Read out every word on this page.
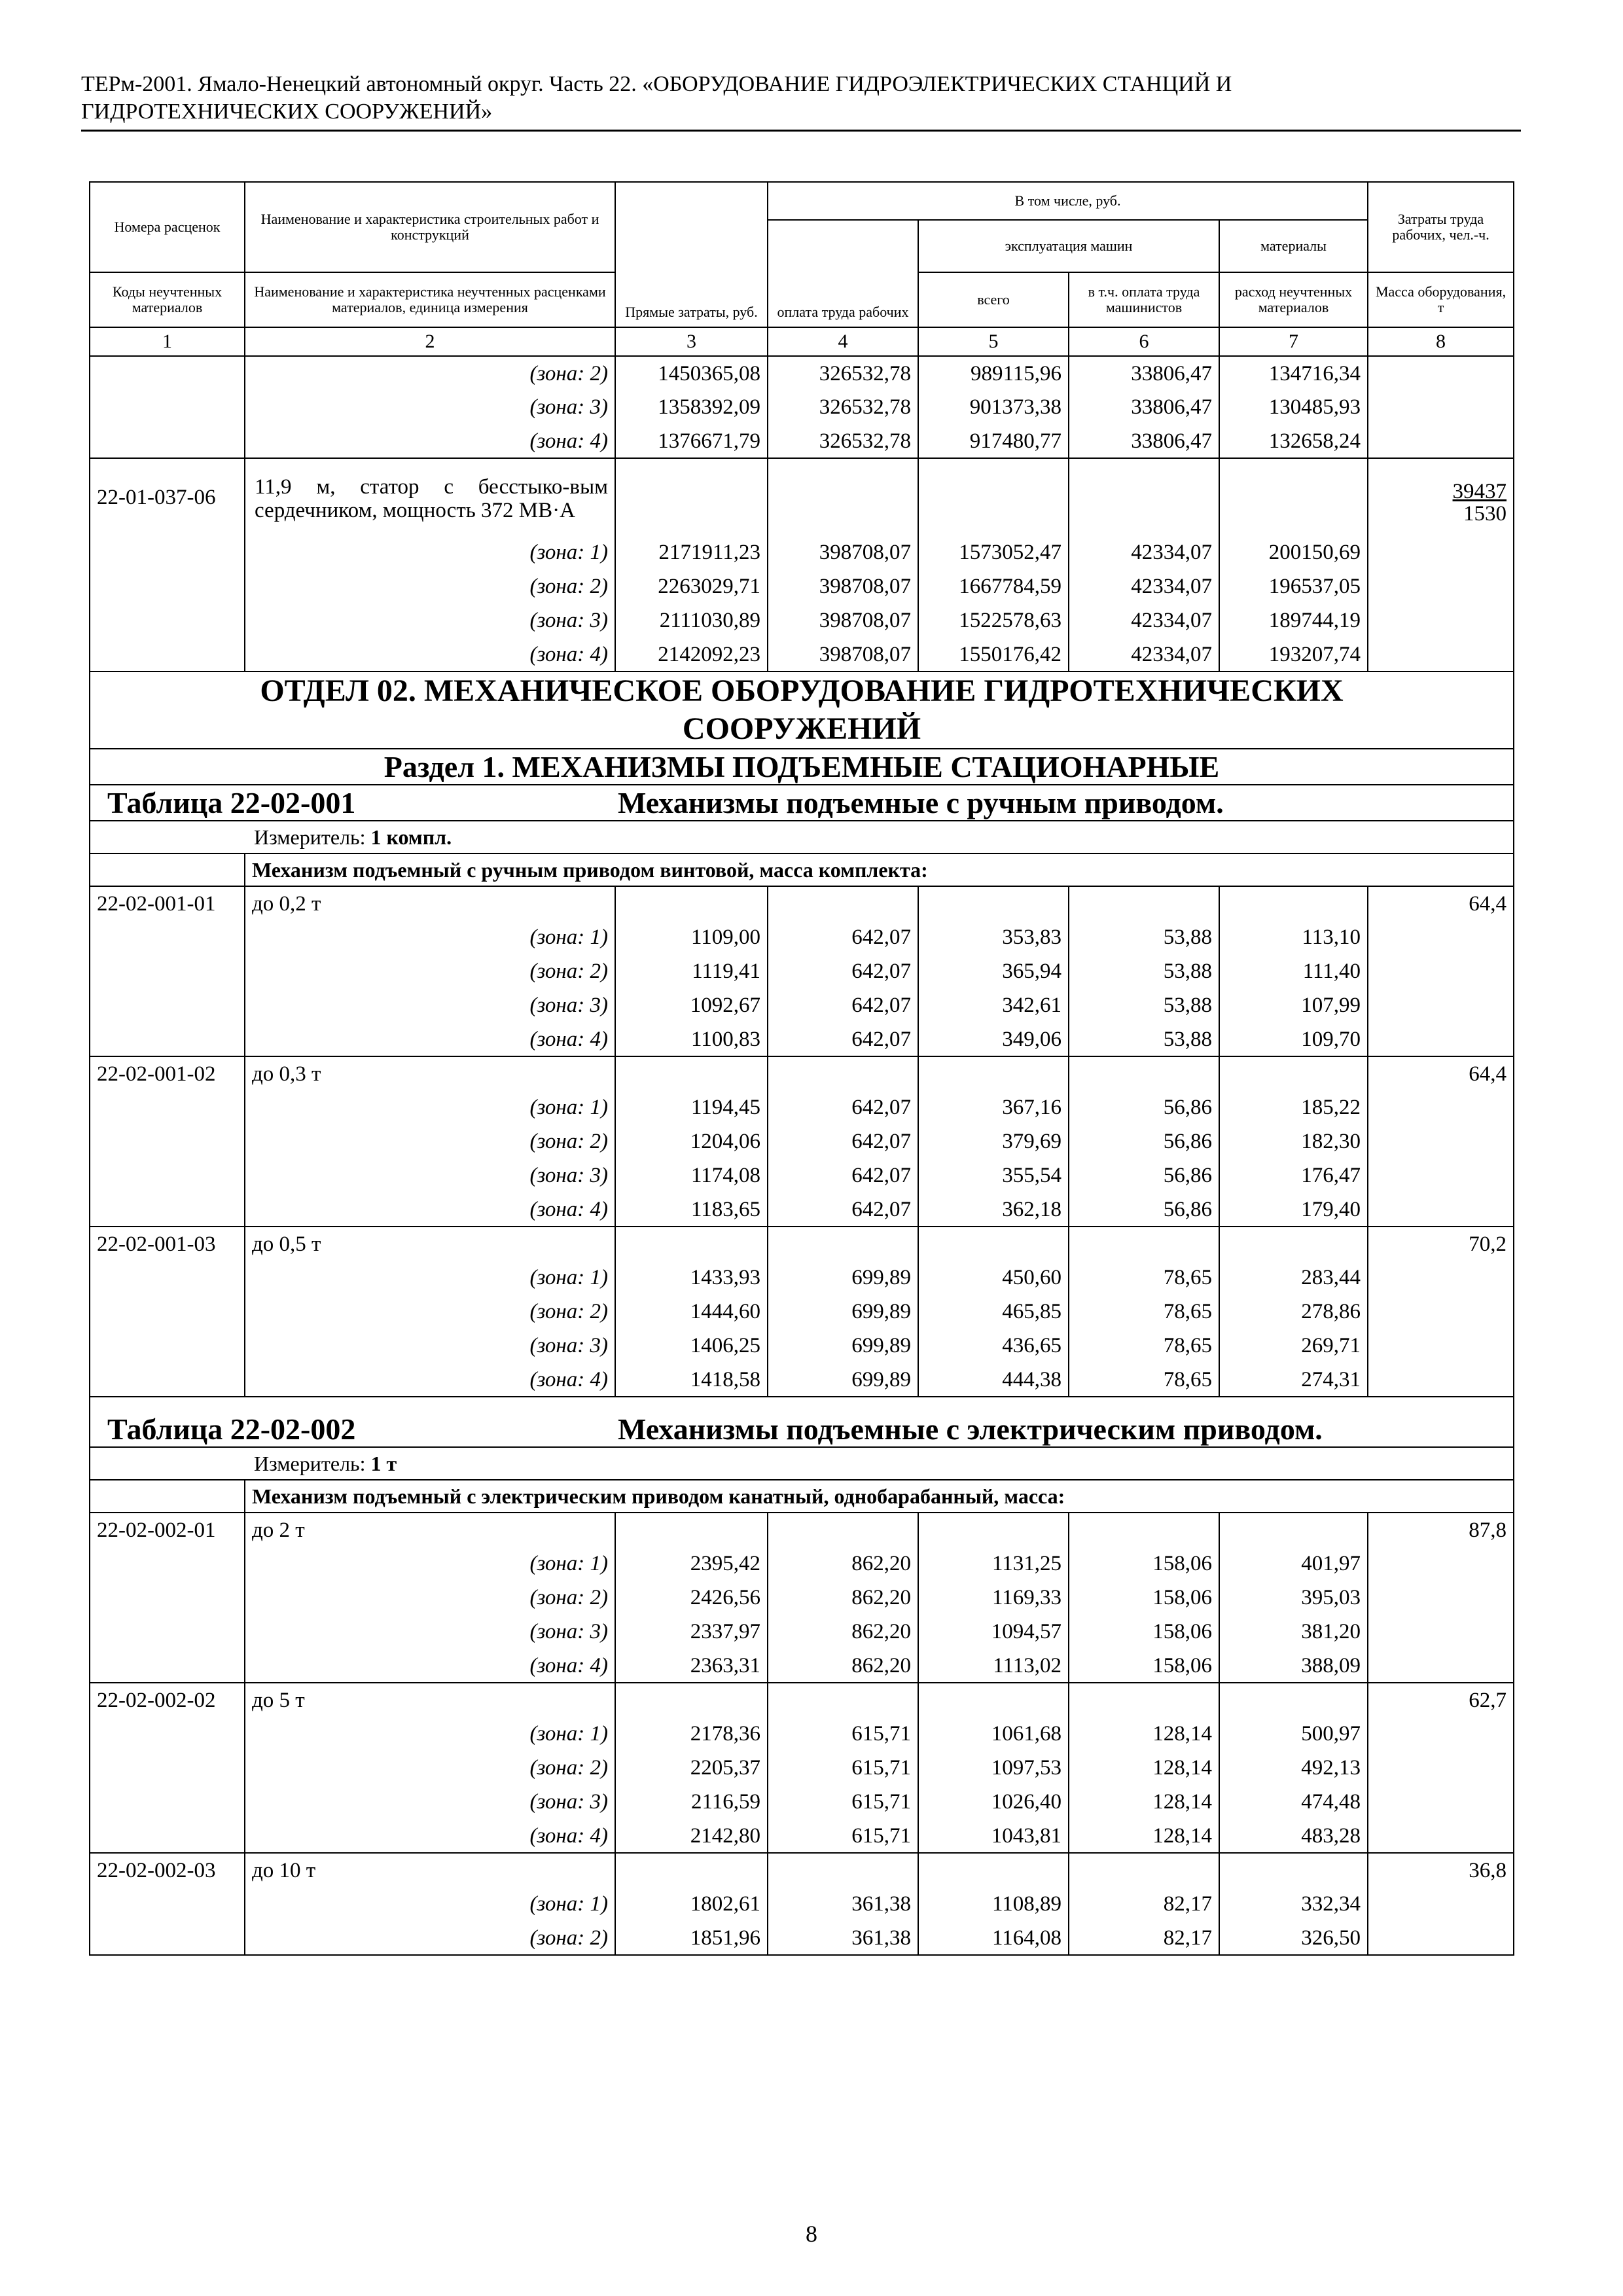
ТЕРм-2001. Ямало-Ненецкий автономный округ. Часть 22. «ОБОРУДОВАНИЕ ГИДРОЭЛЕКТРИЧЕСКИХ СТАНЦИЙ И
ГИДРОТЕХНИЧЕСКИХ СООРУЖЕНИЙ»
Номера расценок	Наименование и характеристика строительных работ и конструкций	Прямые затраты, руб.	В том числе, руб.				Затраты труда рабочих, чел.-ч.
			оплата труда рабочих	эксплуатация машин		материалы	
Коды неучтенных материалов	Наименование и характеристика неучтенных расценками материалов, единица измерения			всего	в т.ч. оплата труда машинистов	расход неучтенных материалов	Масса оборудования, т
1	2	3	4	5	6	7	8
	(зона: 2)	1450365,08	326532,78	989115,96	33806,47	134716,34	
	(зона: 3)	1358392,09	326532,78	901373,38	33806,47	130485,93	
	(зона: 4)	1376671,79	326532,78	917480,77	33806,47	132658,24	
22-01-037-06	11,9 м, статор с бесстыко-вым сердечником, мощность 372 МВ·А						39437
1530

	(зона: 1)	2171911,23	398708,07	1573052,47	42334,07	200150,69	
	(зона: 2)	2263029,71	398708,07	1667784,59	42334,07	196537,05	
	(зона: 3)	2111030,89	398708,07	1522578,63	42334,07	189744,19	
	(зона: 4)	2142092,23	398708,07	1550176,42	42334,07	193207,74	

ОТДЕЛ 02. МЕХАНИЧЕСКОЕ ОБОРУДОВАНИЕ ГИДРОТЕХНИЧЕСКИХ
СООРУЖЕНИЙ							

Раздел 1. МЕХАНИЗМЫ ПОДЪЕМНЫЕ СТАЦИОНАРНЫЕ							
Таблица 22-02-001 Механизмы подъемные с ручным приводом.							
Измеритель: 1 компл.							
	Механизм подъемный с ручным приводом винтовой, масса комплекта:						
22-02-001-01	до 0,2 т						64,4
	(зона: 1)	1109,00	642,07	353,83	53,88	113,10	
	(зона: 2)	1119,41	642,07	365,94	53,88	111,40	
	(зона: 3)	1092,67	642,07	342,61	53,88	107,99	
	(зона: 4)	1100,83	642,07	349,06	53,88	109,70	
22-02-001-02	до 0,3 т						64,4
	(зона: 1)	1194,45	642,07	367,16	56,86	185,22	
	(зона: 2)	1204,06	642,07	379,69	56,86	182,30	
	(зона: 3)	1174,08	642,07	355,54	56,86	176,47	
	(зона: 4)	1183,65	642,07	362,18	56,86	179,40	
22-02-001-03	до 0,5 т						70,2
	(зона: 1)	1433,93	699,89	450,60	78,65	283,44	
	(зона: 2)	1444,60	699,89	465,85	78,65	278,86	
	(зона: 3)	1406,25	699,89	436,65	78,65	269,71	
	(зона: 4)	1418,58	699,89	444,38	78,65	274,31	
Таблица 22-02-002 Механизмы подъемные с электрическим приводом.							
Измеритель: 1 т							
	Механизм подъемный с электрическим приводом канатный, однобарабанный, масса:						
22-02-002-01	до 2 т						87,8
	(зона: 1)	2395,42	862,20	1131,25	158,06	401,97	
	(зона: 2)	2426,56	862,20	1169,33	158,06	395,03	
	(зона: 3)	2337,97	862,20	1094,57	158,06	381,20	
	(зона: 4)	2363,31	862,20	1113,02	158,06	388,09	
22-02-002-02	до 5 т						62,7
	(зона: 1)	2178,36	615,71	1061,68	128,14	500,97	
	(зона: 2)	2205,37	615,71	1097,53	128,14	492,13	
	(зона: 3)	2116,59	615,71	1026,40	128,14	474,48	
	(зона: 4)	2142,80	615,71	1043,81	128,14	483,28	
22-02-002-03	до 10 т						36,8
	(зона: 1)	1802,61	361,38	1108,89	82,17	332,34	
	(зона: 2)	1851,96	361,38	1164,08	82,17	326,50	
8
